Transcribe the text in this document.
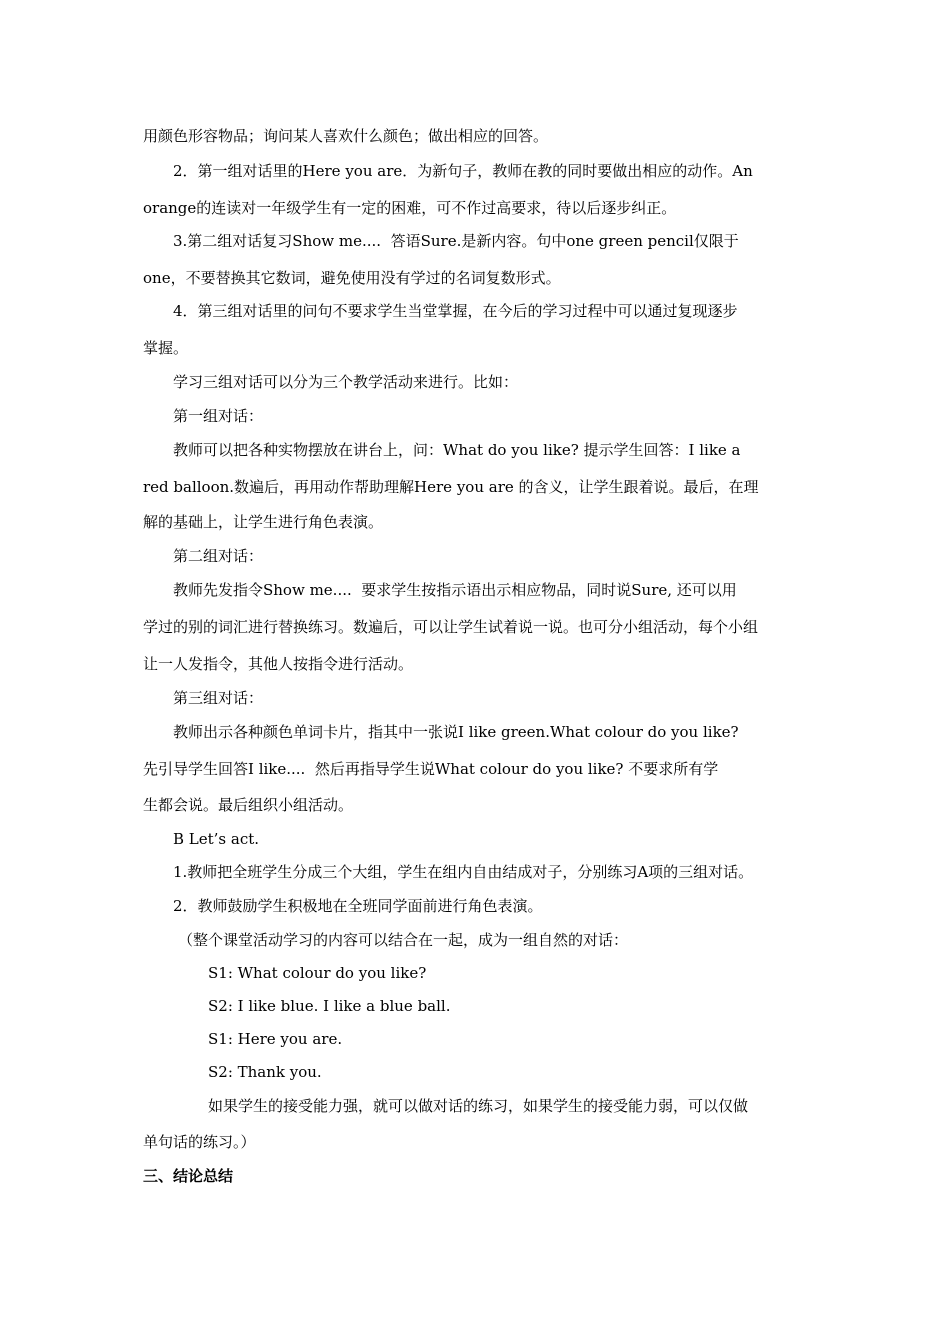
用颜色形容物品；询问某人喜欢什么颜色；做出相应的回答。
2．第一组对话里的Here you are．为新句子，教师在教的同时要做出相应的动作。An
orange的连读对一年级学生有一定的困难，可不作过高要求，待以后逐步纠正。
3.第二组对话复习Show me....  答语Sure.是新内容。句中one green pencil仅限于
one，不要替换其它数词，避免使用没有学过的名词复数形式。
4．第三组对话里的问句不要求学生当堂掌握，在今后的学习过程中可以通过复现逐步
掌握。
学习三组对话可以分为三个教学活动来进行。比如：
第一组对话：
教师可以把各种实物摆放在讲台上，问：What do you like? 提示学生回答：I like a
red balloon.数遍后，再用动作帮助理解Here you are 的含义，让学生跟着说。最后，在理
解的基础上，让学生进行角色表演。
第二组对话：
教师先发指令Show me....  要求学生按指示语出示相应物品，同时说Sure, 还可以用
学过的别的词汇进行替换练习。数遍后，可以让学生试着说一说。也可分小组活动，每个小组
让一人发指令，其他人按指令进行活动。
第三组对话：
教师出示各种颜色单词卡片，指其中一张说I like green.What colour do you like?
先引导学生回答I like....  然后再指导学生说What colour do you like? 不要求所有学
生都会说。最后组织小组活动。
B Let’s act.
1.教师把全班学生分成三个大组，学生在组内自由结成对子，分别练习A项的三组对话。
2．教师鼓励学生积极地在全班同学面前进行角色表演。
（整个课堂活动学习的内容可以结合在一起，成为一组自然的对话：
S1: What colour do you like?
S2: I like blue. I like a blue ball.
S1: Here you are.
S2: Thank you.
如果学生的接受能力强，就可以做对话的练习，如果学生的接受能力弱，可以仅做
单句话的练习。）
三、结论总结
